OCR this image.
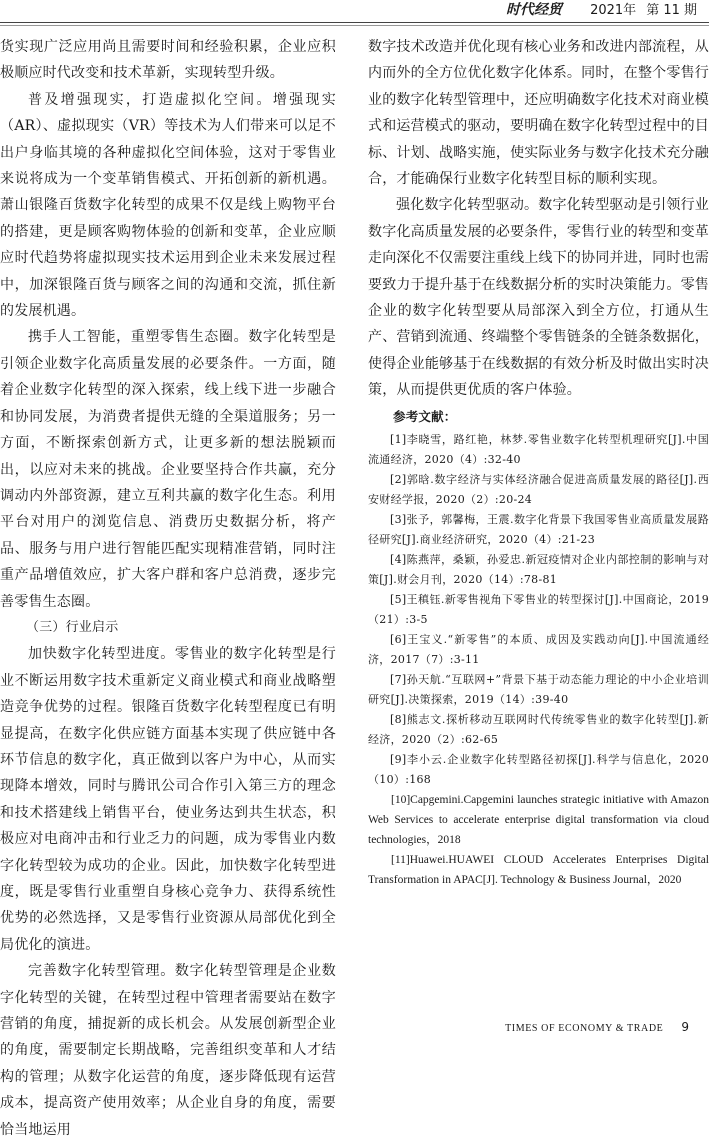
时代经贸 2021年 第 11 期

货实现广泛应用尚且需要时间和经验积累，企业应积极顺应时代改变和技术革新，实现转型升级。

普及增强现实，打造虚拟化空间。增强现实（AR）、虚拟现实（VR）等技术为人们带来可以足不出户身临其境的各种虚拟化空间体验，这对于零售业来说将成为一个变革销售模式、开拓创新的新机遇。萧山银隆百货数字化转型的成果不仅是线上购物平台的搭建，更是顾客购物体验的创新和变革，企业应顺应时代趋势将虚拟现实技术运用到企业未来发展过程中，加深银隆百货与顾客之间的沟通和交流，抓住新的发展机遇。

携手人工智能，重塑零售生态圈。数字化转型是引领企业数字化高质量发展的必要条件。一方面，随着企业数字化转型的深入探索，线上线下进一步融合和协同发展，为消费者提供无缝的全渠道服务；另一方面，不断探索创新方式，让更多新的想法脱颖而出，以应对未来的挑战。企业要坚持合作共赢，充分调动内外部资源，建立互利共赢的数字化生态。利用平台对用户的浏览信息、消费历史数据分析，将产品、服务与用户进行智能匹配实现精准营销，同时注重产品增值效应，扩大客户群和客户总消费，逐步完善零售生态圈。

（三）行业启示

加快数字化转型进度。零售业的数字化转型是行业不断运用数字技术重新定义商业模式和商业战略塑造竞争优势的过程。银隆百货数字化转型程度已有明显提高，在数字化供应链方面基本实现了供应链中各环节信息的数字化，真正做到以客户为中心，从而实现降本增效，同时与腾讯公司合作引入第三方的理念和技术搭建线上销售平台，使业务达到共生状态，积极应对电商冲击和行业乏力的问题，成为零售业内数字化转型较为成功的企业。因此，加快数字化转型进度，既是零售行业重塑自身核心竞争力、获得系统性优势的必然选择，又是零售行业资源从局部优化到全局优化的演进。

完善数字化转型管理。数字化转型管理是企业数字化转型的关键，在转型过程中管理者需要站在数字营销的角度，捕捉新的成长机会。从发展创新型企业的角度，需要制定长期战略，完善组织变革和人才结构的管理；从数字化运营的角度，逐步降低现有运营成本，提高资产使用效率；从企业自身的角度，需要恰当地运用

数字技术改造并优化现有核心业务和改进内部流程，从内而外的全方位优化数字化体系。同时，在整个零售行业的数字化转型管理中，还应明确数字化技术对商业模式和运营模式的驱动，要明确在数字化转型过程中的目标、计划、战略实施，使实际业务与数字化技术充分融合，才能确保行业数字化转型目标的顺利实现。

强化数字化转型驱动。数字化转型驱动是引领行业数字化高质量发展的必要条件，零售行业的转型和变革走向深化不仅需要注重线上线下的协同并进，同时也需要致力于提升基于在线数据分析的实时决策能力。零售企业的数字化转型要从局部深入到全方位，打通从生产、营销到流通、终端整个零售链条的全链条数据化，使得企业能够基于在线数据的有效分析及时做出实时决策，从而提供更优质的客户体验。

参考文献：

[1]李晓雪，路红艳，林梦.零售业数字化转型机理研究[J].中国流通经济，2020（4）:32-40

[2]郭晗.数字经济与实体经济融合促进高质量发展的路径[J].西安财经学报，2020（2）:20-24

[3]张予，郭馨梅，王震.数字化背景下我国零售业高质量发展路径研究[J].商业经济研究，2020（4）:21-23

[4]陈燕萍，桑颖，孙爱忠.新冠疫情对企业内部控制的影响与对策[J].财会月刊，2020（14）:78-81

[5]王稹钰.新零售视角下零售业的转型探讨[J].中国商论，2019（21）:3-5

[6]王宝义.“新零售”的本质、成因及实践动向[J].中国流通经济，2017（7）:3-11

[7]孙天航.“互联网+”背景下基于动态能力理论的中小企业培训研究[J].决策探索，2019（14）:39-40

[8]熊志文.探析移动互联网时代传统零售业的数字化转型[J].新经济，2020（2）:62-65

[9]李小云.企业数字化转型路径初探[J].科学与信息化，2020（10）:168

[10]Capgemini.Capgemini launches strategic initiative with Amazon Web Services to accelerate enterprise digital transformation via cloud technologies，2018

[11]Huawei.HUAWEI CLOUD Accelerates Enterprises Digital Transformation in APAC[J]. Technology & Business Journal，2020

TIMES OF ECONOMY & TRADE 9
